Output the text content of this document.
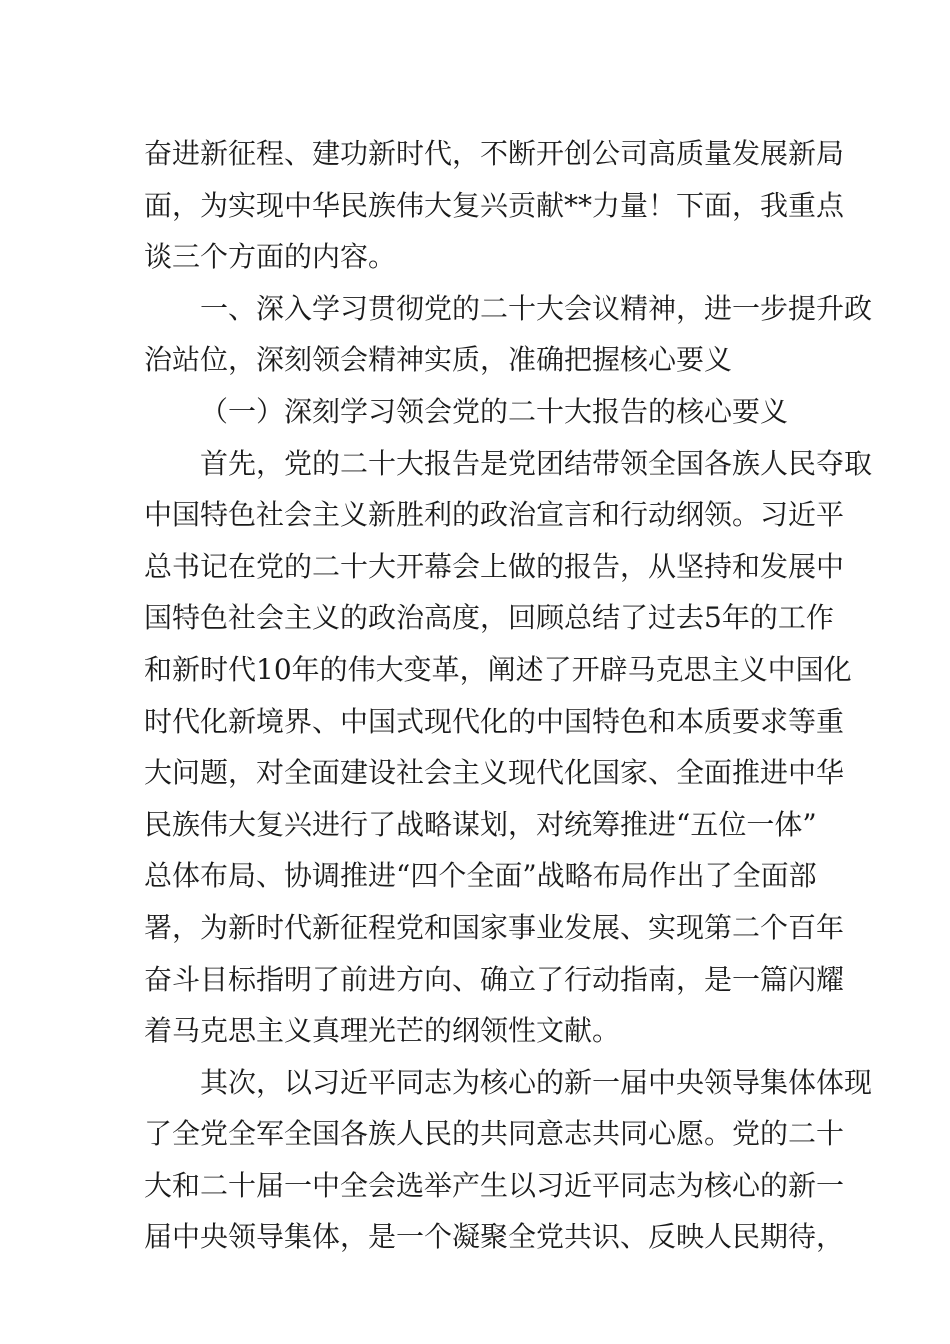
奋进新征程、建功新时代，不断开创公司高质量发展新局
面，为实现中华民族伟大复兴贡献**力量！下面，我重点
谈三个方面的内容。
　　一、深入学习贯彻党的二十大会议精神，进一步提升政
治站位，深刻领会精神实质，准确把握核心要义
（一）深刻学习领会党的二十大报告的核心要义
　　首先，党的二十大报告是党团结带领全国各族人民夺取
中国特色社会主义新胜利的政治宣言和行动纲领。习近平
总书记在党的二十大开幕会上做的报告，从坚持和发展中
国特色社会主义的政治高度，回顾总结了过去5年的工作
和新时代10年的伟大变革，阐述了开辟马克思主义中国化
时代化新境界、中国式现代化的中国特色和本质要求等重
大问题，对全面建设社会主义现代化国家、全面推进中华
民族伟大复兴进行了战略谋划，对统筹推进“五位一体”
总体布局、协调推进“四个全面”战略布局作出了全面部
署，为新时代新征程党和国家事业发展、实现第二个百年
奋斗目标指明了前进方向、确立了行动指南，是一篇闪耀
着马克思主义真理光芒的纲领性文献。
　　其次，以习近平同志为核心的新一届中央领导集体体现
了全党全军全国各族人民的共同意志共同心愿。党的二十
大和二十届一中全会选举产生以习近平同志为核心的新一
届中央领导集体，是一个凝聚全党共识、反映人民期待，
